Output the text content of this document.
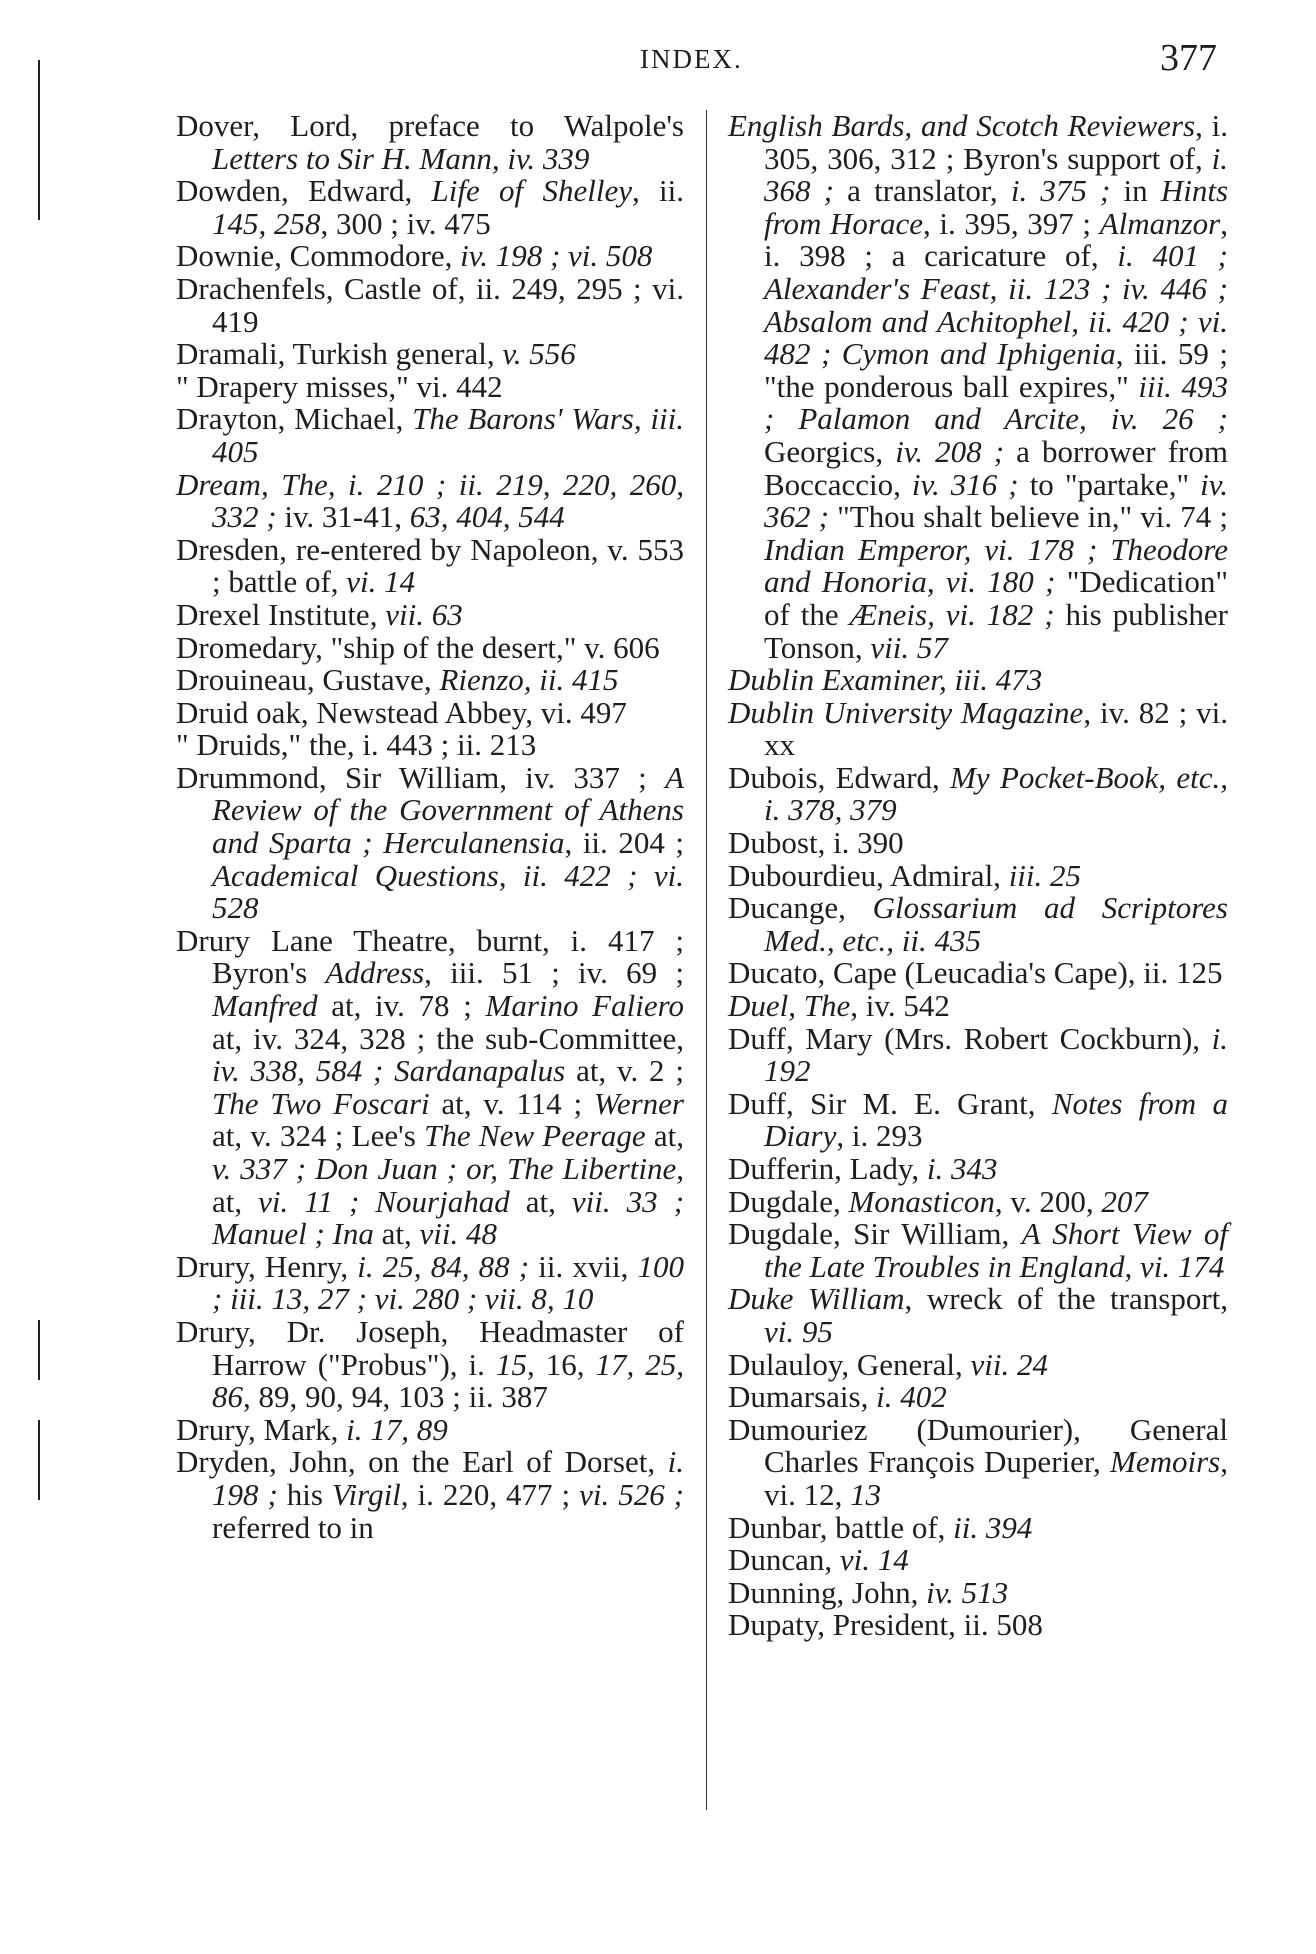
INDEX.	377
Dover, Lord, preface to Walpole's Letters to Sir H. Mann, iv. 339
Dowden, Edward, Life of Shelley, ii. 145, 258, 300 ; iv. 475
Downie, Commodore, iv. 198 ; vi. 508
Drachenfels, Castle of, ii. 249, 295 ; vi. 419
Dramali, Turkish general, v. 556
" Drapery misses," vi. 442
Drayton, Michael, The Barons' Wars, iii. 405
Dream, The, i. 210 ; ii. 219, 220, 260, 332 ; iv. 31-41, 63, 404, 544
Dresden, re-entered by Napoleon, v. 553 ; battle of, vi. 14
Drexel Institute, vii. 63
Dromedary, "ship of the desert," v. 606
Drouineau, Gustave, Rienzo, ii. 415
Druid oak, Newstead Abbey, vi. 497
" Druids," the, i. 443 ; ii. 213
Drummond, Sir William, iv. 337 ; A Review of the Government of Athens and Sparta ; Herculanensia, ii. 204 ; Academical Questions, ii. 422 ; vi. 528
Drury Lane Theatre, burnt, i. 417 ; Byron's Address, iii. 51 ; iv. 69 ; Manfred at, iv. 78 ; Marino Faliero at, iv. 324, 328 ; the sub-Committee, iv. 338, 584 ; Sardanapalus at, v. 2 ; The Two Foscari at, v. 114 ; Werner at, v. 324 ; Lee's The New Peerage at, v. 337 ; Don Juan ; or, The Libertine, at, vi. 11 ; Nourjahad at, vii. 33 ; Manuel ; Ina at, vii. 48
Drury, Henry, i. 25, 84, 88 ; ii. xvii, 100 ; iii. 13, 27 ; vi. 280 ; vii. 8, 10
Drury, Dr. Joseph, Headmaster of Harrow ("Probus"), i. 15, 16, 17, 25, 86, 89, 90, 94, 103 ; ii. 387
Drury, Mark, i. 17, 89
Dryden, John, on the Earl of Dorset, i. 198 ; his Virgil, i. 220, 477 ; vi. 526 ; referred to in
English Bards, and Scotch Reviewers, i. 305, 306, 312 ; Byron's support of, i. 368 ; a translator, i. 375 ; in Hints from Horace, i. 395, 397 ; Almanzor, i. 398 ; a caricature of, i. 401 ; Alexander's Feast, ii. 123 ; iv. 446 ; Absalom and Achitophel, ii. 420 ; vi. 482 ; Cymon and Iphigenia, iii. 59 ; "the ponderous ball expires," iii. 493 ; Palamon and Arcite, iv. 26 ; Georgics, iv. 208 ; a borrower from Boccaccio, iv. 316 ; to "partake," iv. 362 ; "Thou shalt believe in," vi. 74 ; Indian Emperor, vi. 178 ; Theodore and Honoria, vi. 180 ; "Dedication" of the Æneis, vi. 182 ; his publisher Tonson, vii. 57
Dublin Examiner, iii. 473
Dublin University Magazine, iv. 82 ; vi. xx
Dubois, Edward, My Pocket-Book, etc., i. 378, 379
Dubost, i. 390
Dubourdieu, Admiral, iii. 25
Ducange, Glossarium ad Scriptores Med., etc., ii. 435
Ducato, Cape (Leucadia's Cape), ii. 125
Duel, The, iv. 542
Duff, Mary (Mrs. Robert Cockburn), i. 192
Duff, Sir M. E. Grant, Notes from a Diary, i. 293
Dufferin, Lady, i. 343
Dugdale, Monasticon, v. 200, 207
Dugdale, Sir William, A Short View of the Late Troubles in England, vi. 174
Duke William, wreck of the transport, vi. 95
Dulauloy, General, vii. 24
Dumarsais, i. 402
Dumouriez (Dumourier), General Charles François Duperier, Memoirs, vi. 12, 13
Dunbar, battle of, ii. 394
Duncan, vi. 14
Dunning, John, iv. 513
Dupaty, President, ii. 508
